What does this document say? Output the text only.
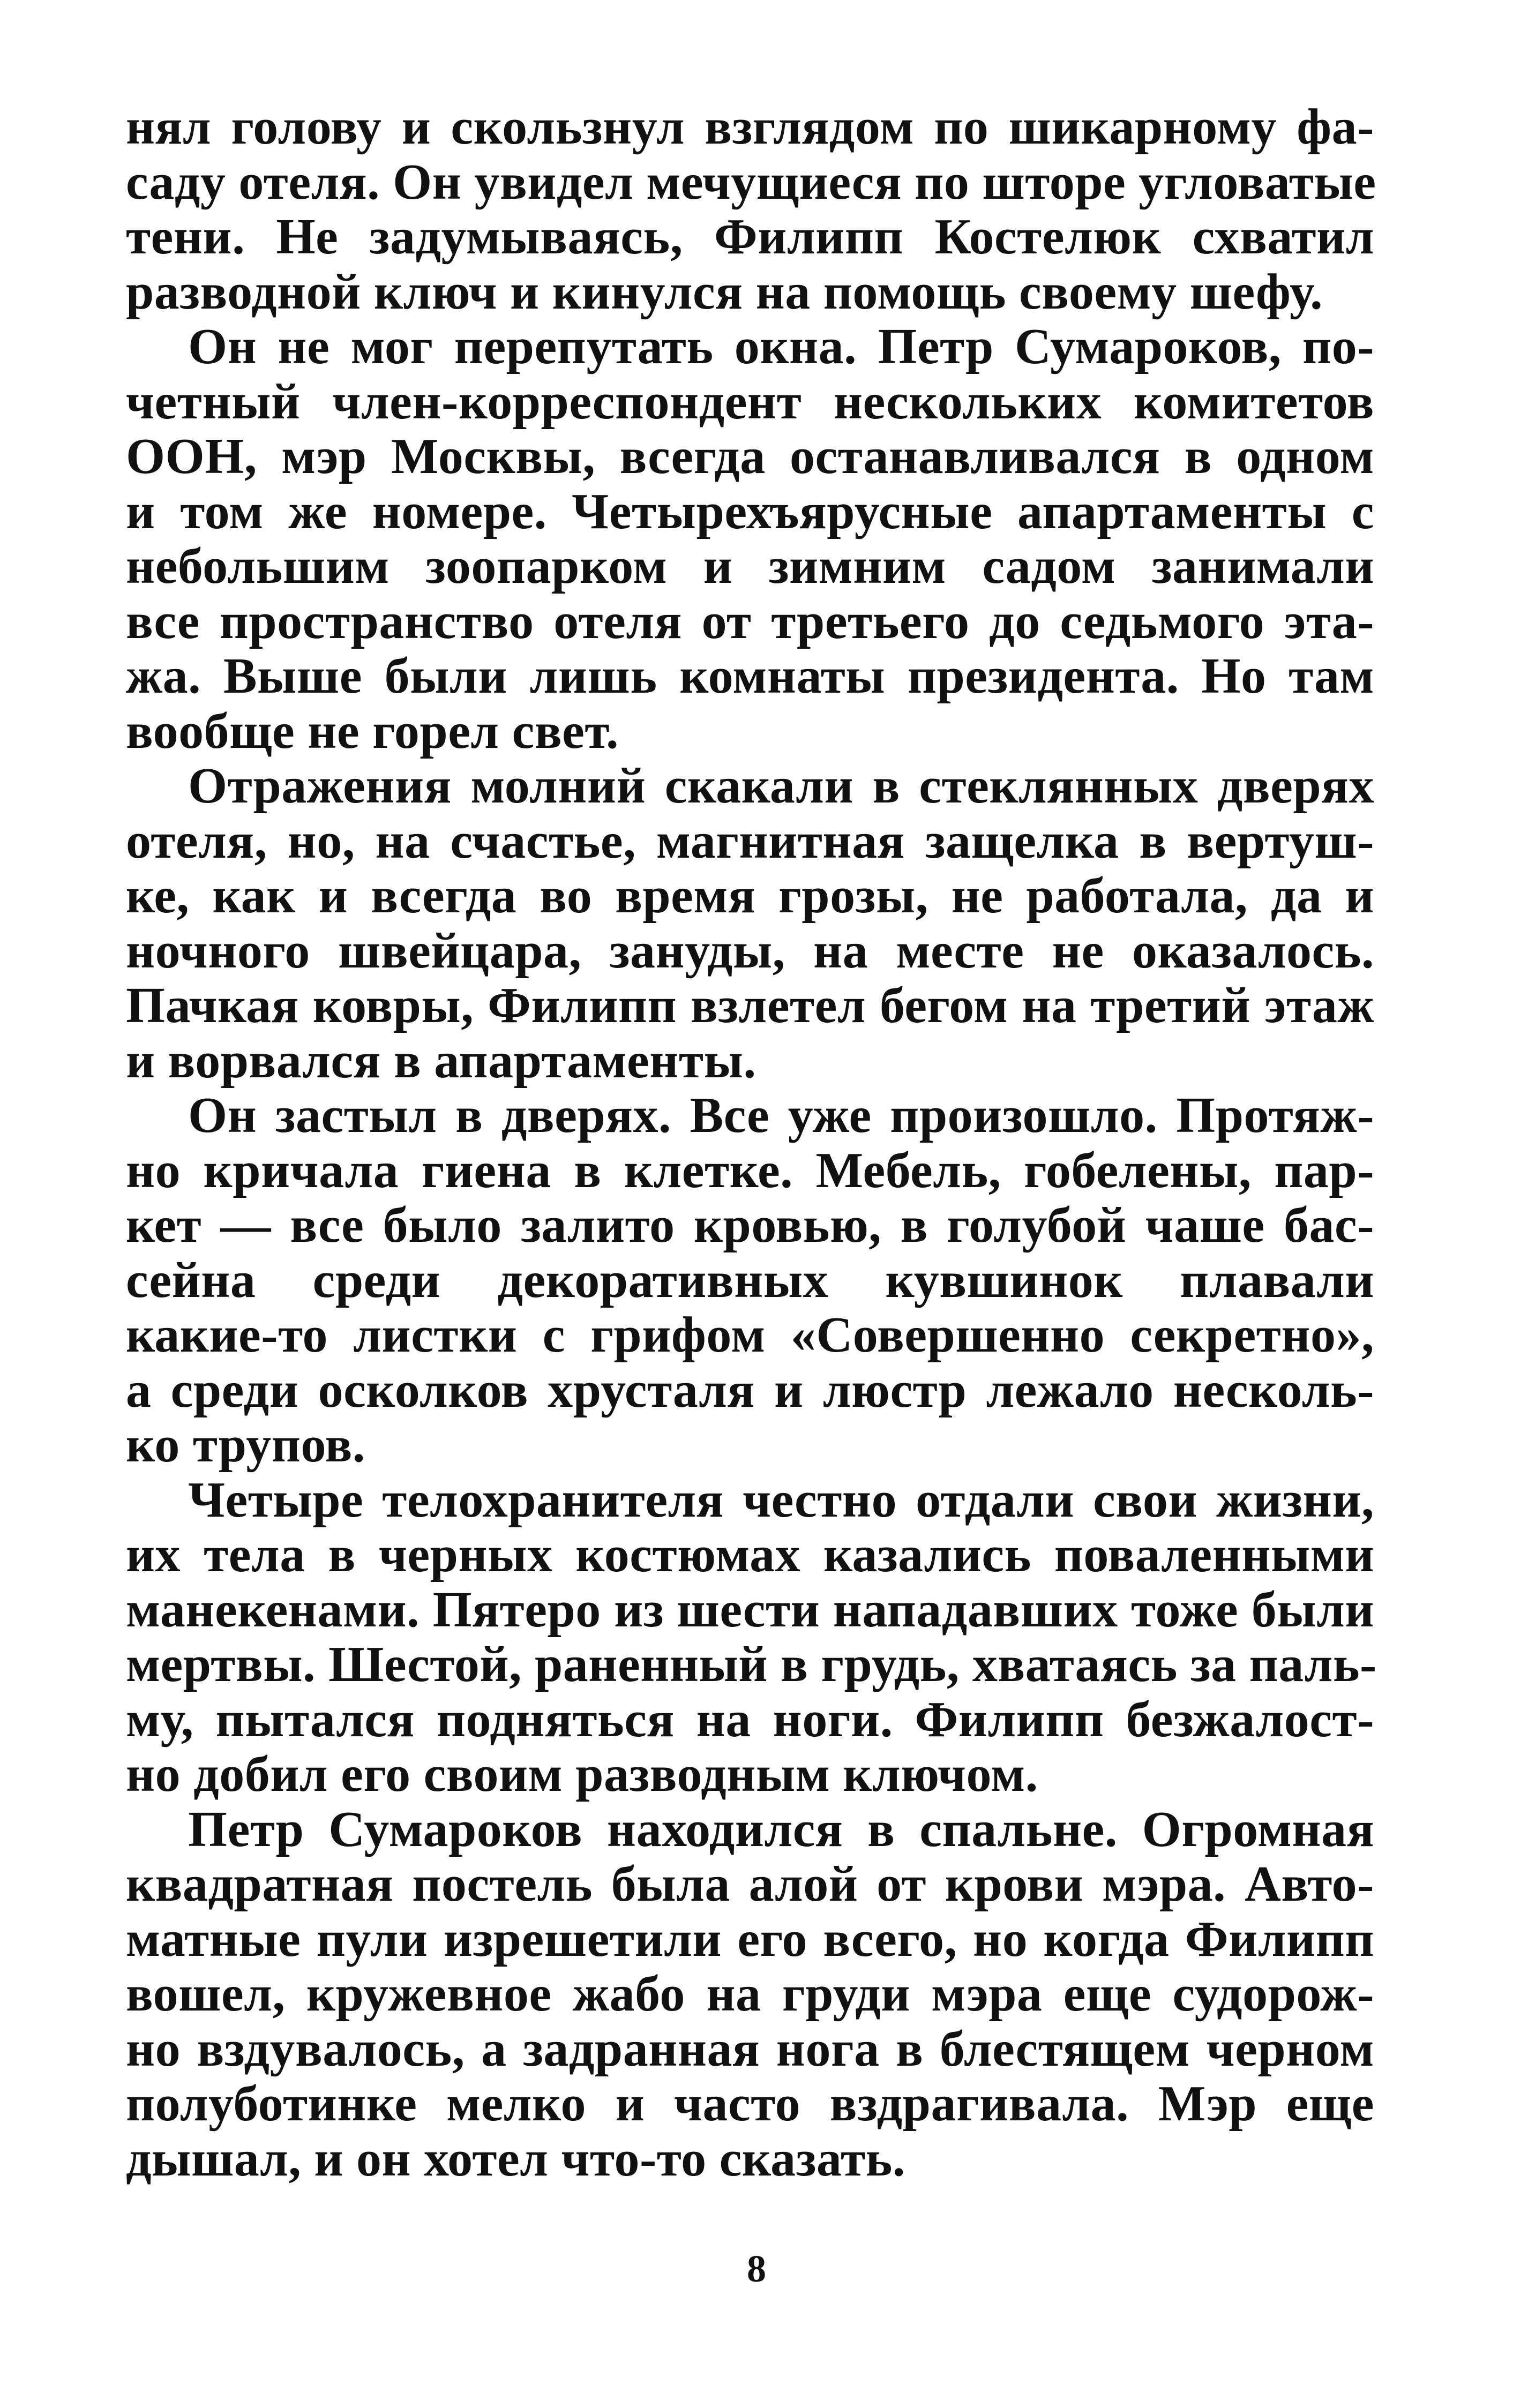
нял голову и скользнул взглядом по шикарному фа-
саду отеля. Он увидел мечущиеся по шторе угловатые
тени. Не задумываясь, Филипп Костелюк схватил
разводной ключ и кинулся на помощь своему шефу.
Он не мог перепутать окна. Петр Сумароков, по-
четный член-корреспондент нескольких комитетов
ООН, мэр Москвы, всегда останавливался в одном
и том же номере. Четырехъярусные апартаменты с
небольшим зоопарком и зимним садом занимали
все пространство отеля от третьего до седьмого эта-
жа. Выше были лишь комнаты президента. Но там
вообще не горел свет.
Отражения молний скакали в стеклянных дверях
отеля, но, на счастье, магнитная защелка в вертуш-
ке, как и всегда во время грозы, не работала, да и
ночного швейцара, зануды, на месте не оказалось.
Пачкая ковры, Филипп взлетел бегом на третий этаж
и ворвался в апартаменты.
Он застыл в дверях. Все уже произошло. Протяж-
но кричала гиена в клетке. Мебель, гобелены, пар-
кет — все было залито кровью, в голубой чаше бас-
сейна среди декоративных кувшинок плавали
какие-то листки с грифом «Совершенно секретно»,
а среди осколков хрусталя и люстр лежало несколь-
ко трупов.
Четыре телохранителя честно отдали свои жизни,
их тела в черных костюмах казались поваленными
манекенами. Пятеро из шести нападавших тоже были
мертвы. Шестой, раненный в грудь, хватаясь за паль-
му, пытался подняться на ноги. Филипп безжалост-
но добил его своим разводным ключом.
Петр Сумароков находился в спальне. Огромная
квадратная постель была алой от крови мэра. Авто-
матные пули изрешетили его всего, но когда Филипп
вошел, кружевное жабо на груди мэра еще судорож-
но вздувалось, а задранная нога в блестящем черном
полуботинке мелко и часто вздрагивала. Мэр еще
дышал, и он хотел что-то сказать.
8
